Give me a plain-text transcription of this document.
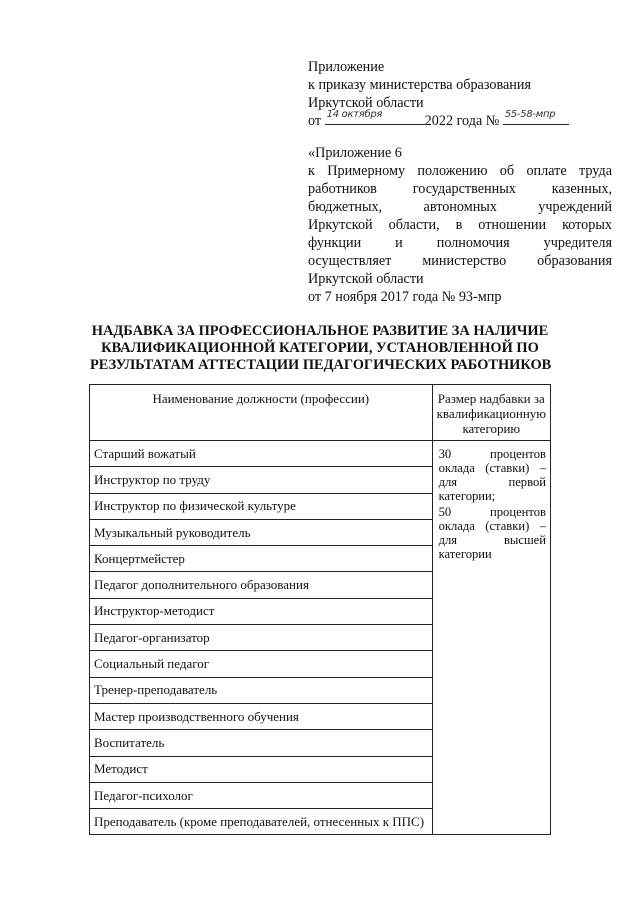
Приложение
к приказу министерства образования
Иркутской области
от 14 октября	2022 года № 55-58-мпр
«Приложение 6
к Примерному положению об оплате труда
работников государственных казенных,
бюджетных, автономных учреждений
Иркутской области, в отношении которых
функции и полномочия учредителя
осуществляет министерство образования
Иркутской области
от 7 ноября 2017 года № 93-мпр
НАДБАВКА ЗА ПРОФЕССИОНАЛЬНОЕ РАЗВИТИЕ ЗА НАЛИЧИЕ
КВАЛИФИКАЦИОННОЙ КАТЕГОРИИ, УСТАНОВЛЕННОЙ ПО
РЕЗУЛЬТАТАМ АТТЕСТАЦИИ ПЕДАГОГИЧЕСКИХ РАБОТНИКОВ
Наименование должности (профессии)	Размер надбавки за квалификационную категорию
Старший вожатый	30 процентов оклада (ставки) – для первой категории;

50 процентов оклада (ставки) – для высшей категории

Инструктор по труду	
Инструктор по физической культуре	
Музыкальный руководитель	
Концертмейстер	
Педагог дополнительного образования	
Инструктор-методист	
Педагог-организатор	
Социальный педагог	
Тренер-преподаватель	
Мастер производственного обучения	
Воспитатель	
Методист	
Педагог-психолог	
Преподаватель (кроме преподавателей, отнесенных к ППС)	
